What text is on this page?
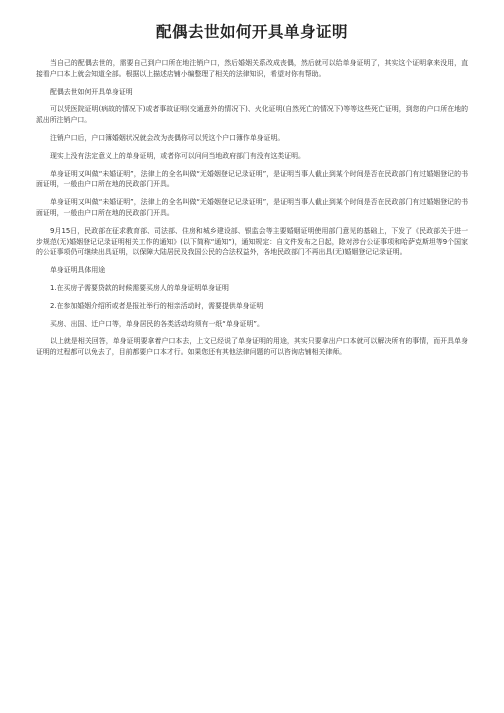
配偶去世如何开具单身证明

当自己的配偶去世的，需要自己到户口所在地注销户口，然后婚姻关系改成丧偶，然后就可以给单身证明了，其实这个证明拿来没用，直接看户口本上就会知道全部。根据以上描述店铺小编整理了相关的法律知识，希望对你有帮助。

配偶去世如何开具单身证明

可以凭医院证明(病故的情况下)或者事故证明(交通意外的情况下)、火化证明(自然死亡的情况下)等等这些死亡证明，到您的户口所在地的派出所注销户口。

注销户口后，户口簿婚姻状况就会改为丧偶你可以凭这个户口簿作单身证明。

现实上没有法定意义上的单身证明，或者你可以问问当地政府部门有没有这类证明。

单身证明又叫做“未婚证明”，法律上的全名叫做“无婚姻登记记录证明”，是证明当事人截止到某个时间是否在民政部门有过婚姻登记的书面证明，一般由户口所在地的民政部门开具。

单身证明又叫做“未婚证明”，法律上的全名叫做“无婚姻登记记录证明”，是证明当事人截止到某个时间是否在民政部门有过婚姻登记的书面证明，一般由户口所在地的民政部门开具。

9月15日，民政部在征求教育部、司法部、住房和城乡建设部、银监会等主要婚姻证明使用部门意见的基础上，下发了《民政部关于进一步规范(无)婚姻登记记录证明相关工作的通知》(以下简称“通知”)，通知规定：自文件发布之日起，除对涉台公证事项和哈萨克斯坦等9个国家的公证事项仍可继续出具证明，以保障大陆居民及我国公民的合法权益外，各地民政部门不再出具(无)婚姻登记记录证明。

单身证明具体用途

1.在买房子需要贷款的时候需要买房人的单身证明单身证明

2.在参加婚姻介绍所或者是报社举行的相亲活动时，需要提供单身证明

买房、出国、迁户口等，单身居民的各类活动均须有一纸“单身证明”。

以上就是相关回答，单身证明要拿着户口本去，上文已经说了单身证明的用途，其实只要拿出户口本就可以解决所有的事情，而开具单身证明的过程都可以免去了，目前都要户口本才行。如果您还有其他法律问题的可以咨询店铺相关律师。
